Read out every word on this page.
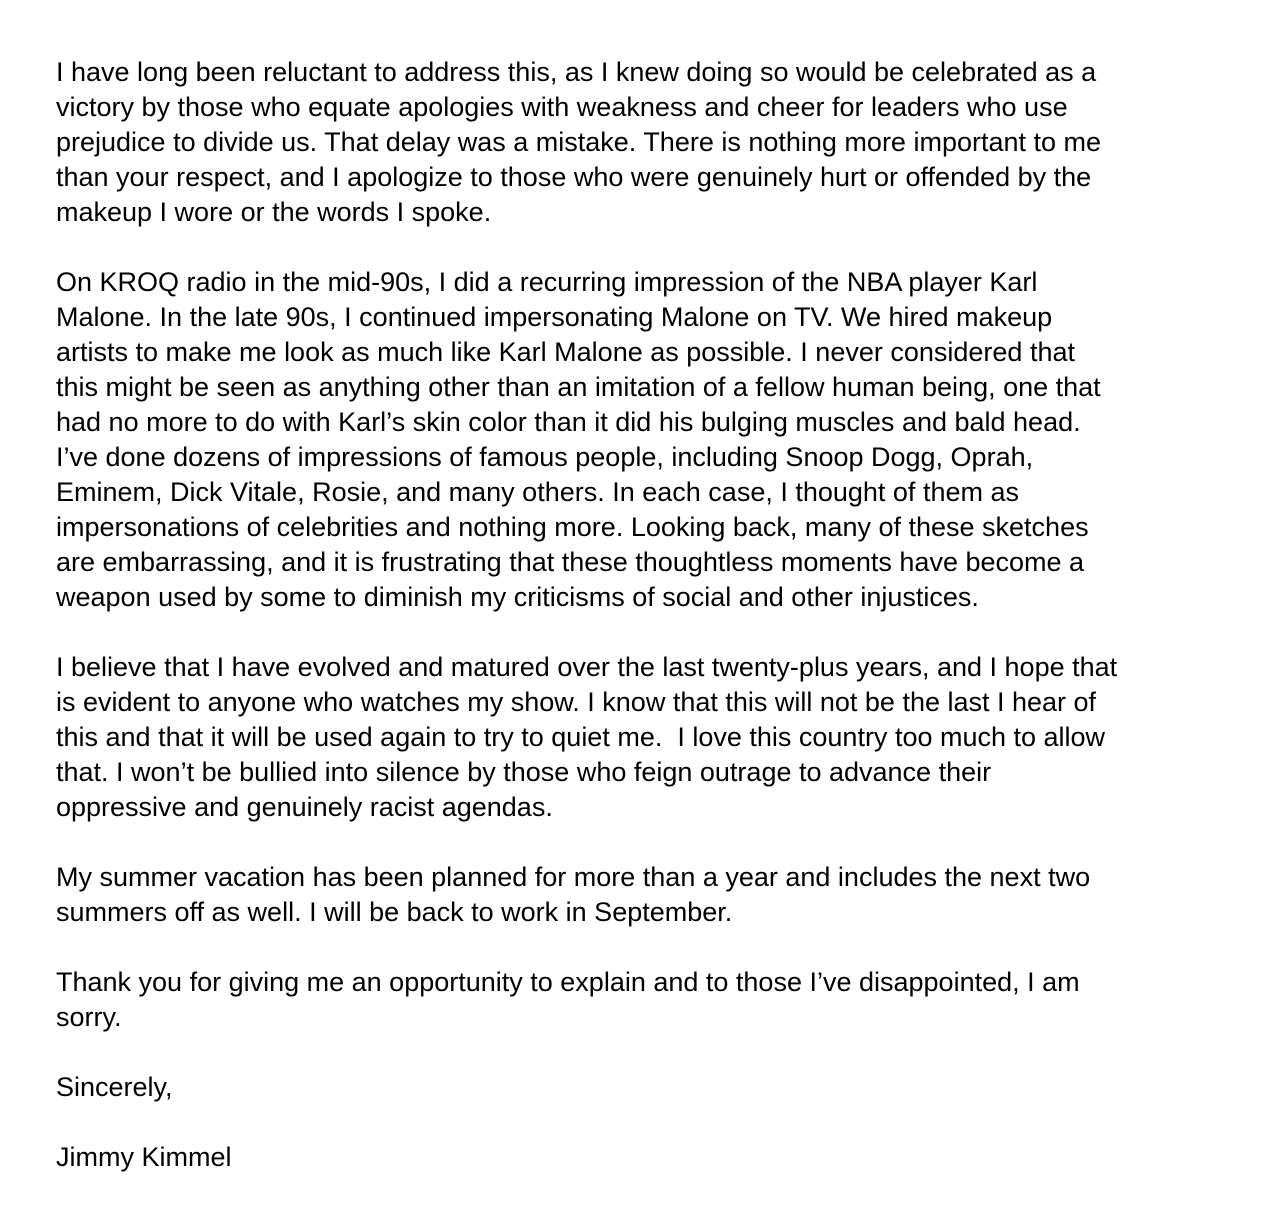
I have long been reluctant to address this, as I knew doing so would be celebrated as a
victory by those who equate apologies with weakness and cheer for leaders who use
prejudice to divide us. That delay was a mistake. There is nothing more important to me
than your respect, and I apologize to those who were genuinely hurt or offended by the
makeup I wore or the words I spoke.

On KROQ radio in the mid-90s, I did a recurring impression of the NBA player Karl
Malone. In the late 90s, I continued impersonating Malone on TV. We hired makeup
artists to make me look as much like Karl Malone as possible. I never considered that
this might be seen as anything other than an imitation of a fellow human being, one that
had no more to do with Karl’s skin color than it did his bulging muscles and bald head.
I’ve done dozens of impressions of famous people, including Snoop Dogg, Oprah,
Eminem, Dick Vitale, Rosie, and many others. In each case, I thought of them as
impersonations of celebrities and nothing more. Looking back, many of these sketches
are embarrassing, and it is frustrating that these thoughtless moments have become a
weapon used by some to diminish my criticisms of social and other injustices.

I believe that I have evolved and matured over the last twenty-plus years, and I hope that
is evident to anyone who watches my show. I know that this will not be the last I hear of
this and that it will be used again to try to quiet me.  I love this country too much to allow
that. I won’t be bullied into silence by those who feign outrage to advance their
oppressive and genuinely racist agendas.

My summer vacation has been planned for more than a year and includes the next two
summers off as well. I will be back to work in September.

Thank you for giving me an opportunity to explain and to those I’ve disappointed, I am
sorry.

Sincerely,

Jimmy Kimmel
